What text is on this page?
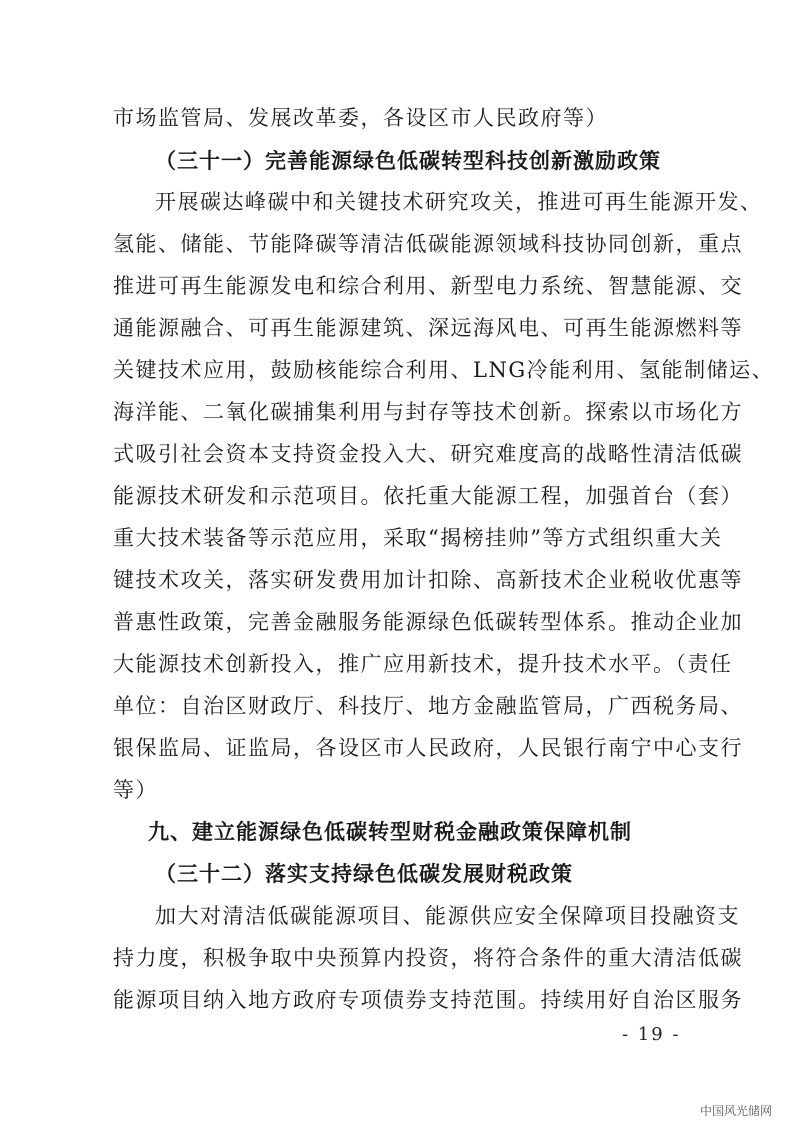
市场监管局、发展改革委，各设区市人民政府等）
（三十一）完善能源绿色低碳转型科技创新激励政策
开展碳达峰碳中和关键技术研究攻关，推进可再生能源开发、
氢能、储能、节能降碳等清洁低碳能源领域科技协同创新，重点
推进可再生能源发电和综合利用、新型电力系统、智慧能源、交
通能源融合、可再生能源建筑、深远海风电、可再生能源燃料等
关键技术应用，鼓励核能综合利用、LNG冷能利用、氢能制储运、
海洋能、二氧化碳捕集利用与封存等技术创新。探索以市场化方
式吸引社会资本支持资金投入大、研究难度高的战略性清洁低碳
能源技术研发和示范项目。依托重大能源工程，加强首台（套）
重大技术装备等示范应用，采取“揭榜挂帅”等方式组织重大关
键技术攻关，落实研发费用加计扣除、高新技术企业税收优惠等
普惠性政策，完善金融服务能源绿色低碳转型体系。推动企业加
大能源技术创新投入，推广应用新技术，提升技术水平。（责任
单位：自治区财政厅、科技厅、地方金融监管局，广西税务局、
银保监局、证监局，各设区市人民政府，人民银行南宁中心支行
等）
九、建立能源绿色低碳转型财税金融政策保障机制
（三十二）落实支持绿色低碳发展财税政策
加大对清洁低碳能源项目、能源供应安全保障项目投融资支
持力度，积极争取中央预算内投资，将符合条件的重大清洁低碳
能源项目纳入地方政府专项债券支持范围。持续用好自治区服务
- 19 -
中国风光储网
